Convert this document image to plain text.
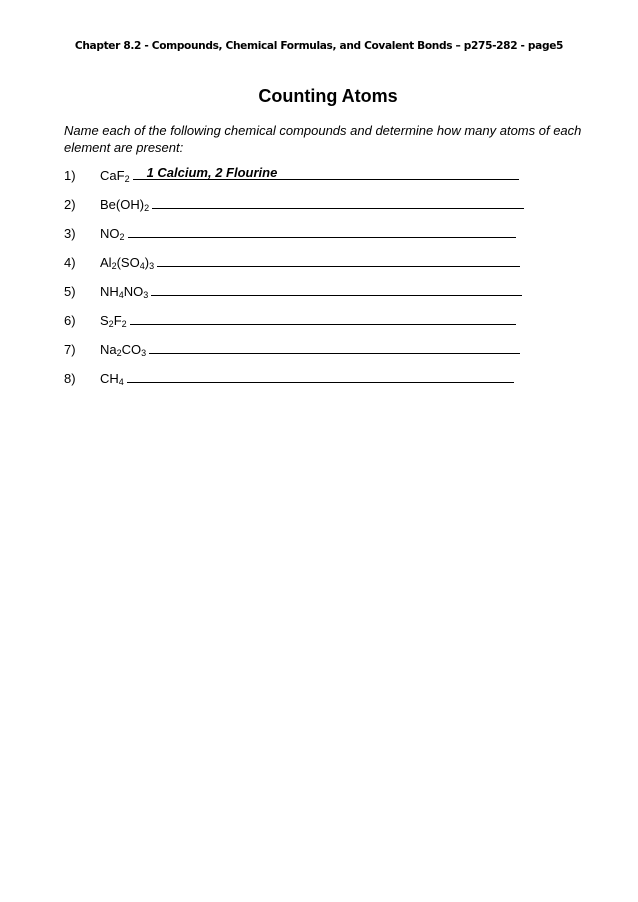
Chapter 8.2 - Compounds, Chemical Formulas, and Covalent Bonds – p275-282 - page5
Counting Atoms
Name each of the following chemical compounds and determine how many atoms of each element are present:
1)	CaF$_2$ 1 Calcium, 2 Flourine
2)	$Be(OH)_2$
3)	$NO_2$
4)	$Al_2(SO_4)_3$
5)	$NH_4NO_3$
6)	$S_2F_2$
7)	$Na_2CO_3$
8)	$CH_4$
